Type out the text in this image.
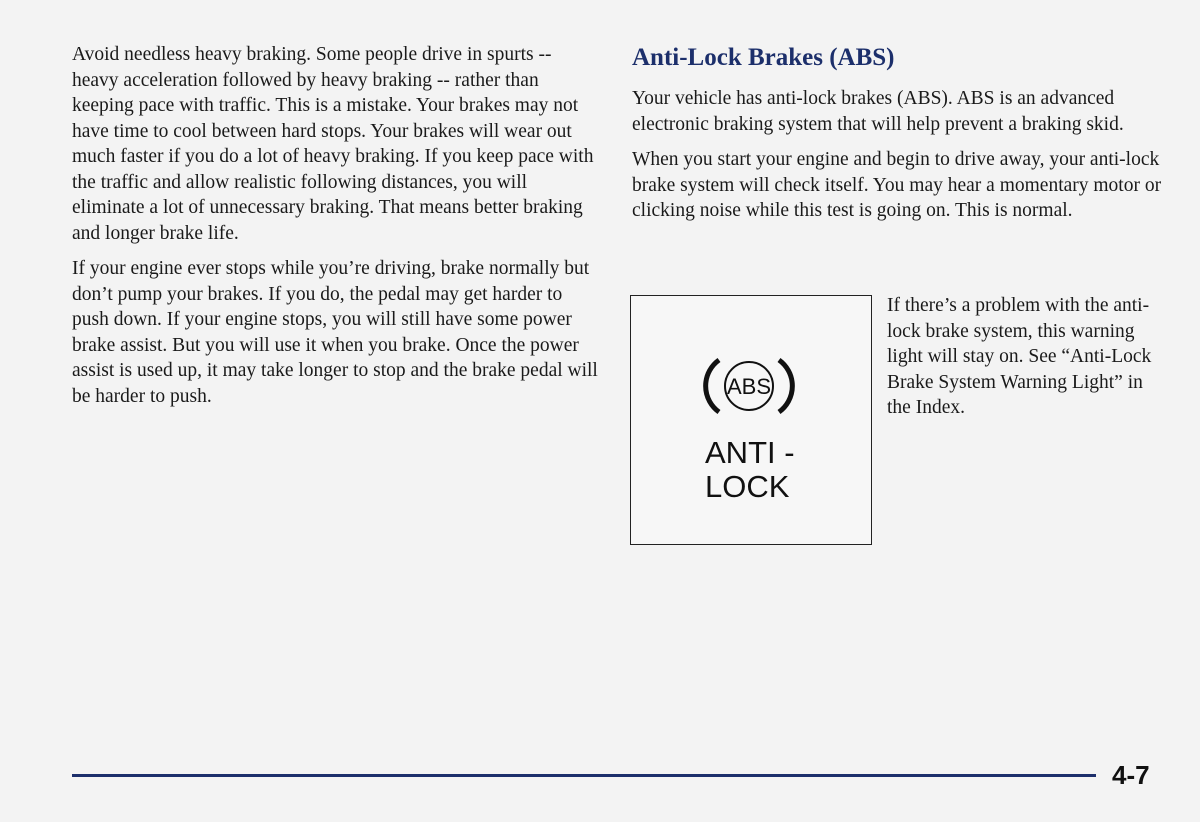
Avoid needless heavy braking. Some people drive in spurts -- heavy acceleration followed by heavy braking -- rather than keeping pace with traffic. This is a mistake. Your brakes may not have time to cool between hard stops. Your brakes will wear out much faster if you do a lot of heavy braking. If you keep pace with the traffic and allow realistic following distances, you will eliminate a lot of unnecessary braking. That means better braking and longer brake life.

If your engine ever stops while you’re driving, brake normally but don’t pump your brakes. If you do, the pedal may get harder to push down. If your engine stops, you will still have some power brake assist. But you will use it when you brake. Once the power assist is used up, it may take longer to stop and the brake pedal will be harder to push.

Anti-Lock Brakes (ABS)

Your vehicle has anti-lock brakes (ABS). ABS is an advanced electronic braking system that will help prevent a braking skid.

When you start your engine and begin to drive away, your anti-lock brake system will check itself. You may hear a momentary motor or clicking noise while this test is going on. This is normal.

ABS
ANTI -
LOCK

If there’s a problem with the anti-lock brake system, this warning light will stay on. See “Anti-Lock Brake System Warning Light” in the Index.

4-7
